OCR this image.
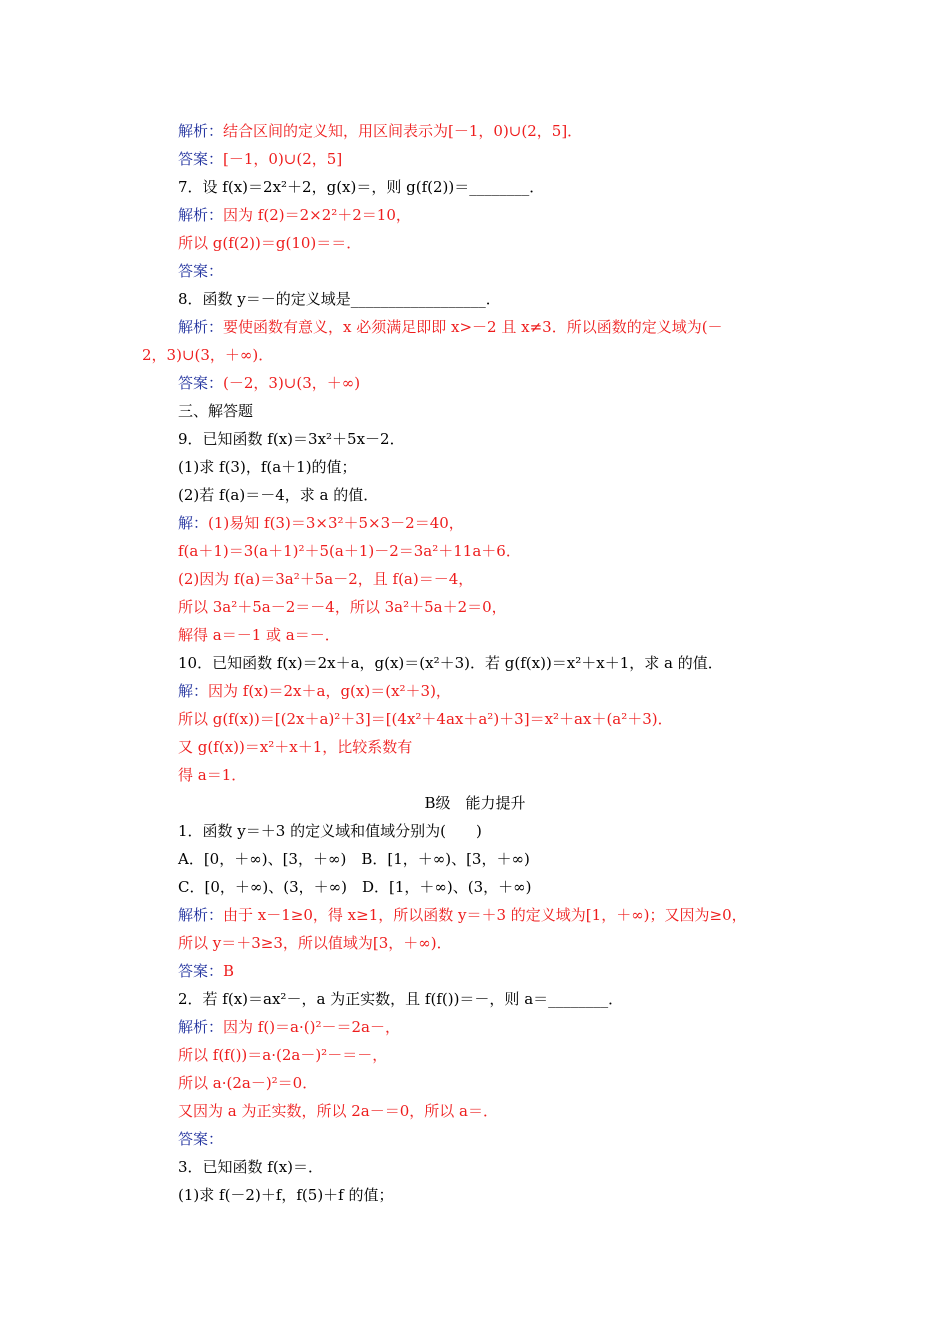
解析：结合区间的定义知，用区间表示为[－1，0)∪(2，5]．
答案：[－1，0)∪(2，5]
7．设 f(x)＝2x²＋2，g(x)＝，则 g(f(2))＝________．
解析：因为 f(2)＝2×2²＋2＝10，
所以 g(f(2))＝g(10)＝＝．
答案：
8．函数 y＝－的定义域是__________________．
解析：要使函数有意义，x 必须满足即即 x>－2 且 x≠3．所以函数的定义域为(－
2，3)∪(3，＋∞)．
答案：(－2，3)∪(3，＋∞)
三、解答题
9．已知函数 f(x)＝3x²＋5x－2．
(1)求 f(3)，f(a＋1)的值；
(2)若 f(a)＝－4，求 a 的值．
解：(1)易知 f(3)＝3×3²＋5×3－2＝40，
f(a＋1)＝3(a＋1)²＋5(a＋1)－2＝3a²＋11a＋6．
(2)因为 f(a)＝3a²＋5a－2，且 f(a)＝－4，
所以 3a²＋5a－2＝－4，所以 3a²＋5a＋2＝0，
解得 a＝－1 或 a＝－．
10．已知函数 f(x)＝2x＋a，g(x)＝(x²＋3)．若 g(f(x))＝x²＋x＋1，求 a 的值．
解：因为 f(x)＝2x＋a，g(x)＝(x²＋3)，
所以 g(f(x))＝[(2x＋a)²＋3]＝[(4x²＋4ax＋a²)＋3]＝x²＋ax＋(a²＋3)．
又 g(f(x))＝x²＋x＋1，比较系数有
得 a＝1．
B级　能力提升
1．函数 y＝＋3 的定义域和值域分别为(　　)
A．[0，＋∞)、[3，＋∞)　B．[1，＋∞)、[3，＋∞)
C．[0，＋∞)、(3，＋∞)　D．[1，＋∞)、(3，＋∞)
解析：由于 x－1≥0，得 x≥1，所以函数 y＝＋3 的定义域为[1，＋∞)；又因为≥0，
所以 y＝＋3≥3，所以值域为[3，＋∞)．
答案：B
2．若 f(x)＝ax²－，a 为正实数，且 f(f())＝－，则 a＝________．
解析：因为 f()＝a·()²－＝2a－，
所以 f(f())＝a·(2a－)²－＝－，
所以 a·(2a－)²＝0．
又因为 a 为正实数，所以 2a－＝0，所以 a＝．
答案：
3．已知函数 f(x)＝．
(1)求 f(－2)＋f，f(5)＋f 的值；
